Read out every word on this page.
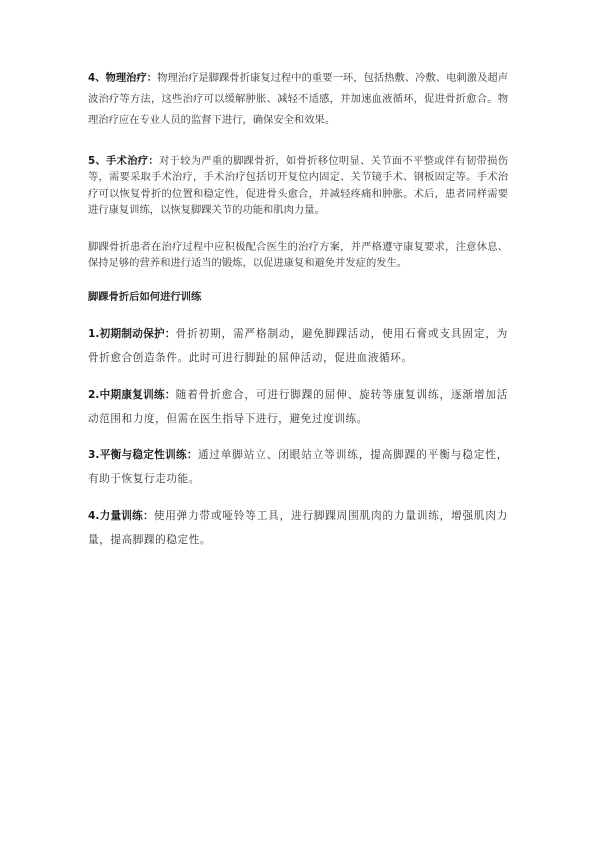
4、物理治疗：物理治疗是脚踝骨折康复过程中的重要一环，包括热敷、冷敷、电刺激及超声波治疗等方法，这些治疗可以缓解肿胀、减轻不适感，并加速血液循环，促进骨折愈合。物理治疗应在专业人员的监督下进行，确保安全和效果。

5、手术治疗：对于较为严重的脚踝骨折，如骨折移位明显、关节面不平整或伴有韧带损伤等，需要采取手术治疗，手术治疗包括切开复位内固定、关节镜手术、钢板固定等。手术治疗可以恢复骨折的位置和稳定性，促进骨头愈合，并减轻疼痛和肿胀。术后，患者同样需要进行康复训练，以恢复脚踝关节的功能和肌肉力量。

脚踝骨折患者在治疗过程中应积极配合医生的治疗方案，并严格遵守康复要求，注意休息、保持足够的营养和进行适当的锻炼，以促进康复和避免并发症的发生。

脚踝骨折后如何进行训练

1.初期制动保护：骨折初期，需严格制动，避免脚踝活动，使用石膏或支具固定，为骨折愈合创造条件。此时可进行脚趾的屈伸活动，促进血液循环。

2.中期康复训练：随着骨折愈合，可进行脚踝的屈伸、旋转等康复训练，逐渐增加活动范围和力度，但需在医生指导下进行，避免过度训练。

3.平衡与稳定性训练：通过单脚站立、闭眼站立等训练，提高脚踝的平衡与稳定性，有助于恢复行走功能。

4.力量训练：使用弹力带或哑铃等工具，进行脚踝周围肌肉的力量训练，增强肌肉力量，提高脚踝的稳定性。
